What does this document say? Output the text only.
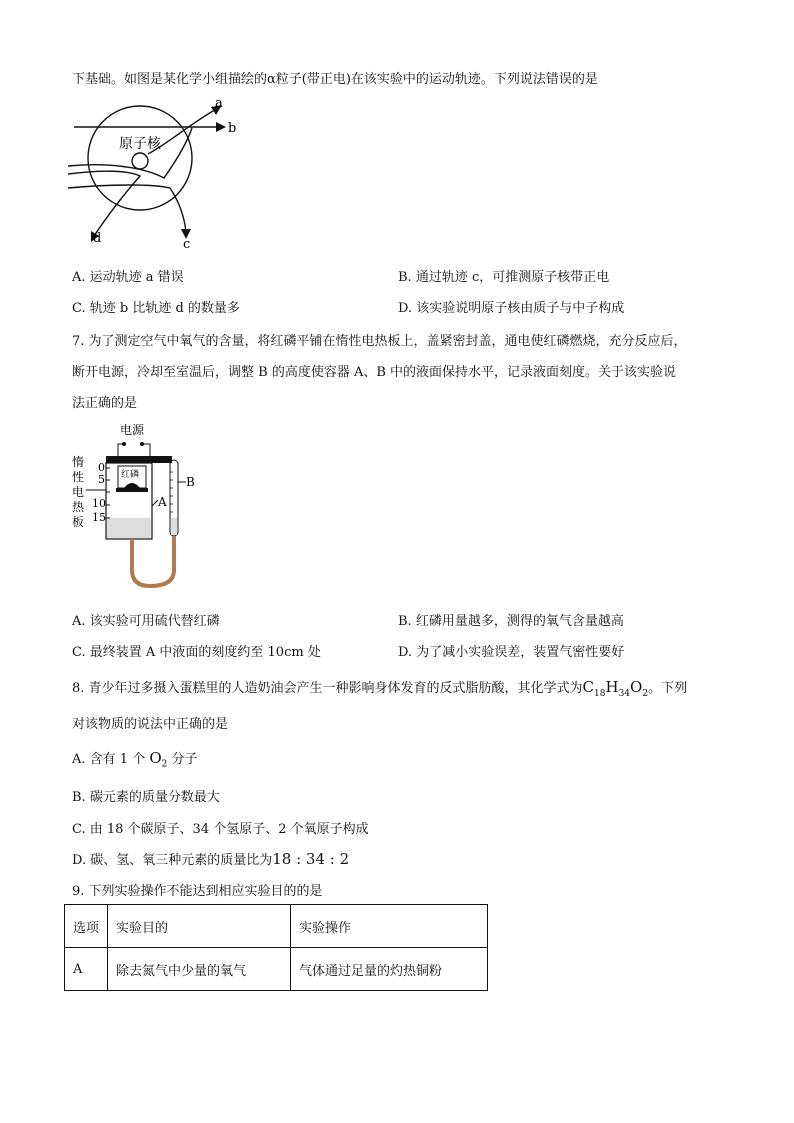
下基础。如图是某化学小组描绘的α粒子(带正电)在该实验中的运动轨迹。下列说法错误的是
原子核
a
b
c
d
A. 运动轨迹 a 错误	B. 通过轨迹 c，可推测原子核带正电
C. 轨迹 b 比轨迹 d 的数量多	D. 该实验说明原子核由质子与中子构成
7. 为了测定空气中氧气的含量，将红磷平铺在惰性电热板上，盖紧密封盖，通电使红磷燃烧，充分反应后，
断开电源，冷却至室温后，调整 B 的高度使容器 A、B 中的液面保持水平，记录液面刻度。关于该实验说
法正确的是
电源
红磷
0
5
10
15
惰
性
电
热
板
A
B
A. 该实验可用硫代替红磷	B. 红磷用量越多，测得的氧气含量越高
C. 最终装置 A 中液面的刻度约至 10cm 处	D. 为了减小实验误差，装置气密性要好
8. 青少年过多摄入蛋糕里的人造奶油会产生一种影响身体发育的反式脂肪酸，其化学式为$C_{18}H_{34}O_2$。下列
对该物质的说法中正确的是
A. 含有 1 个 $O_2$ 分子
B. 碳元素的质量分数最大
C. 由 18 个碳原子、34 个氢原子、2 个氧原子构成
D. 碳、氢、氧三种元素的质量比为18 : 34 : 2
9. 下列实验操作不能达到相应实验目的的是
选项	实验目的	实验操作
A	除去氮气中少量的氧气	气体通过足量的灼热铜粉
